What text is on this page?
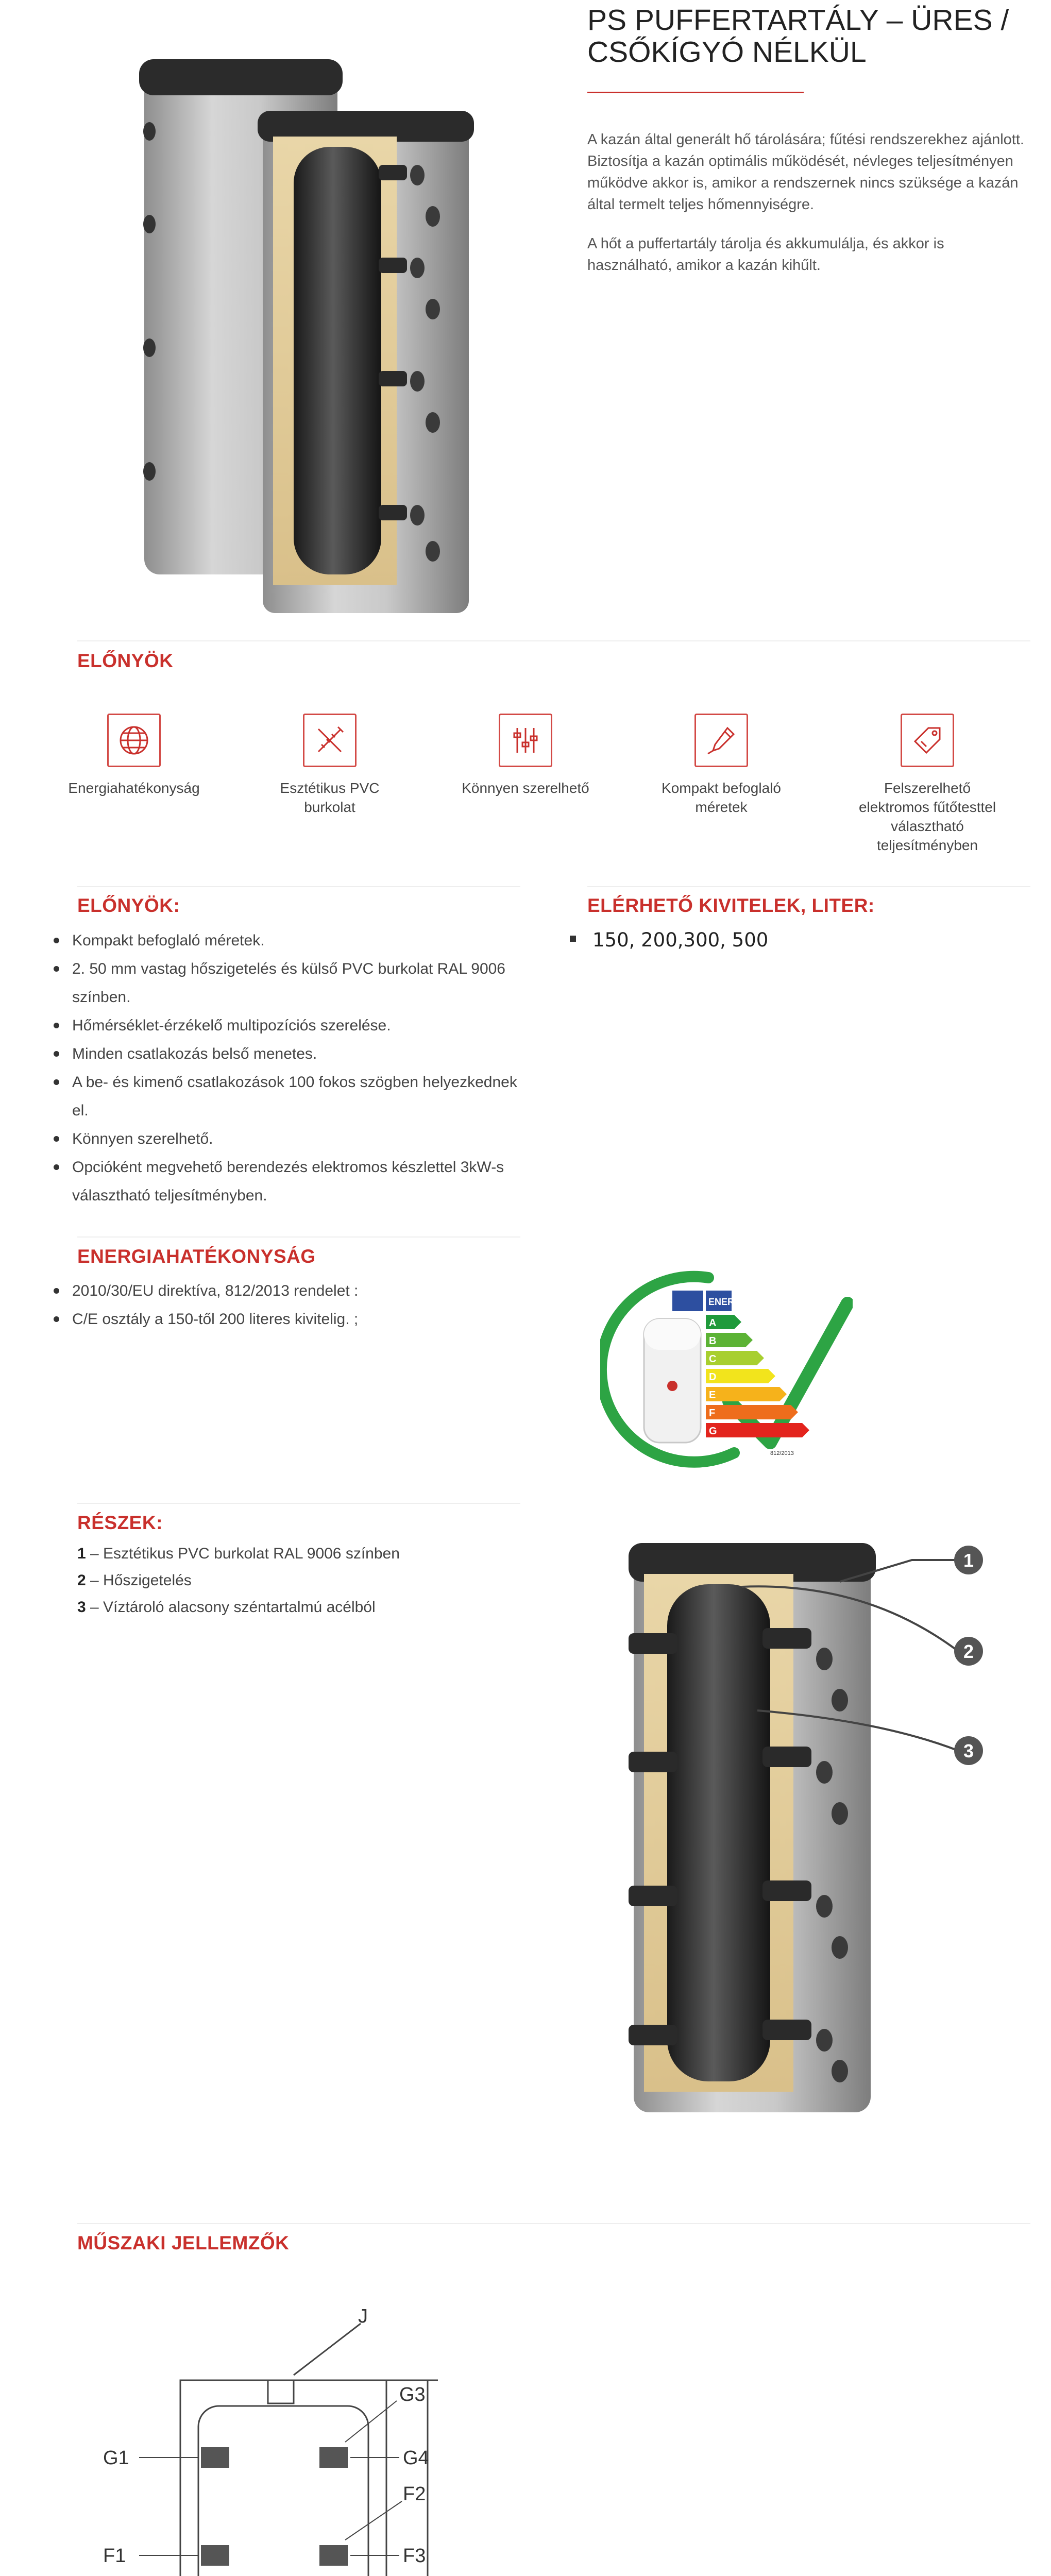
PS PUFFERTARTÁLY – ÜRES / CSŐKÍGYÓ NÉLKÜL

A kazán által generált hő tárolására; fűtési rendszerekhez ajánlott. Biztosítja a kazán optimális működését, névleges teljesítményen működve akkor is, amikor a rendszernek nincs szüksége a kazán által termelt teljes hőmennyiségre.

A hőt a puffertartály tárolja és akkumulálja, és akkor is használható, amikor a kazán kihűlt.

ELŐNYÖK
Energiahatékonyság	Esztétikus PVC burkolat
Könnyen szerelhető	Kompakt befoglaló méretek
Felszerelhető elektromos fűtőtesttel választható teljesítményben
ELŐNYÖK:
Kompakt befoglaló méretek.
2. 50 mm vastag hőszigetelés és külső PVC burkolat RAL 9006 színben.
Hőmérséklet-érzékelő multipozíciós szerelése.
Minden csatlakozás belső menetes.
A be- és kimenő csatlakozások 100 fokos szögben helyezkednek el.
Könnyen szerelhető.
Opcióként megvehető berendezés elektromos készlettel 3kW-s választható teljesítményben.
ELÉRHETŐ KIVITELEK, LITER:
150, 200,300, 500
ENERGIAHATÉKONYSÁG
2010/30/EU direktíva, 812/2013 rendelet :
C/E osztály a 150-től 200 literes kivitelig. ;
ENERG
A
B
C
D
E
F
G
812/2013
RÉSZEK:

1 – Esztétikus PVC burkolat RAL 9006 színben

2 – Hőszigetelés

3 – Víztároló alacsony széntartalmú acélból

1
2
3
MŰSZAKI JELLEMZŐK
J
G1
F1
G3
G4
F2
F3
